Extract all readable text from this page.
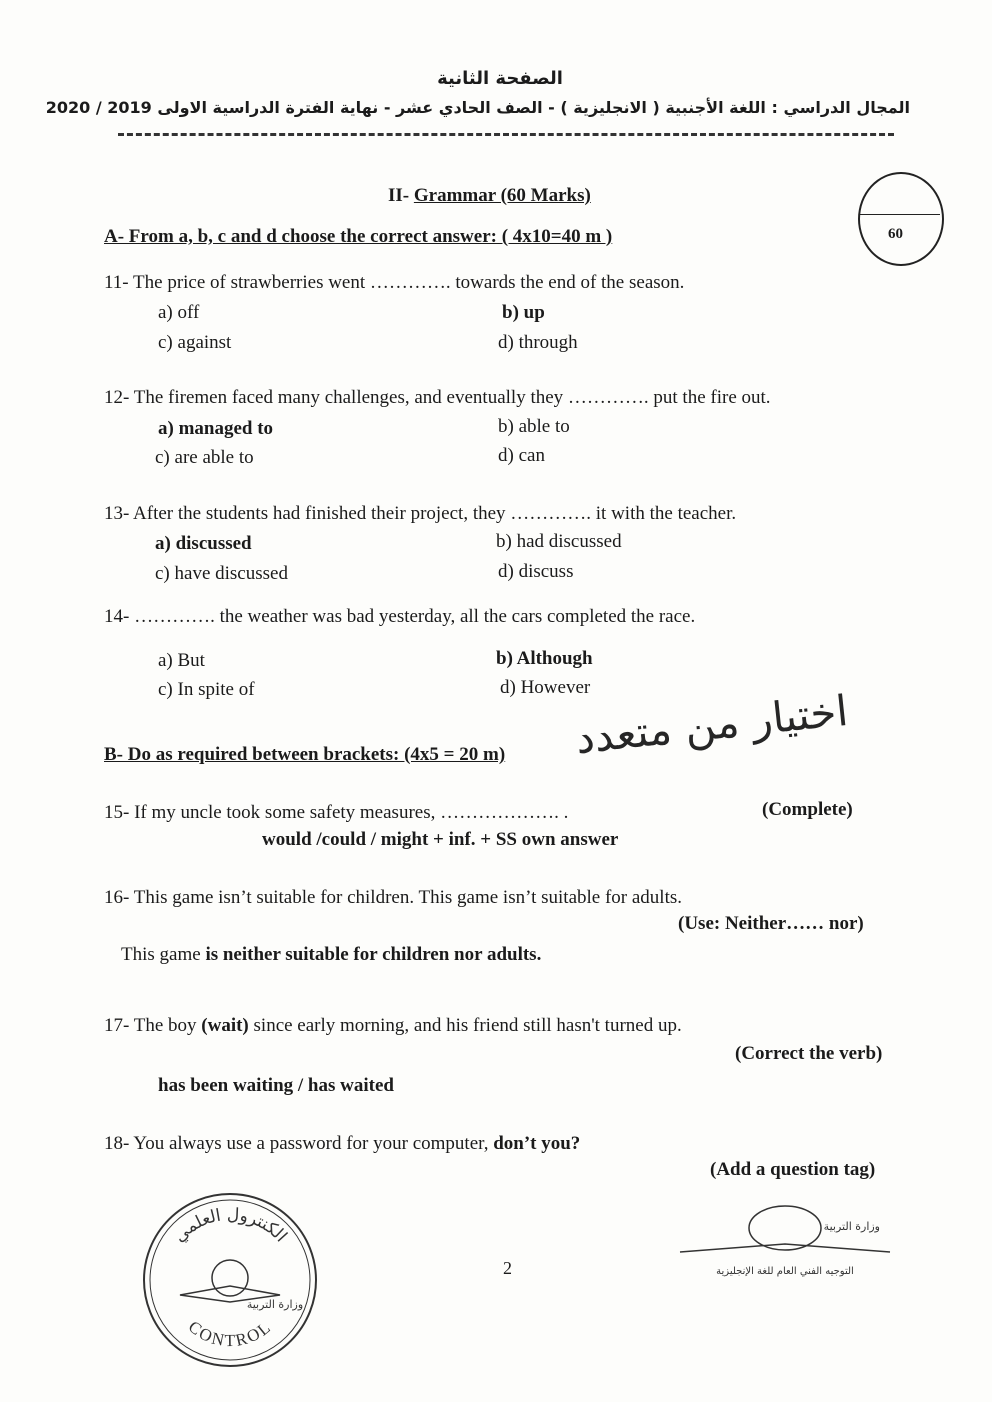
الصفحة الثانية
المجال الدراسي : اللغة الأجنبية ( الانجليزية ) - الصف الحادي عشر - نهاية الفترة الدراسية الاولى 2019 / 2020
II- Grammar (60 Marks)
60
A- From a, b, c and d choose the correct answer: ( 4x10=40 m )
11- The price of strawberries went …………. towards the end of the season.
a) off	b) up
c) against	d) through
12- The firemen faced many challenges, and eventually they …………. put the fire out.
a) managed to	b) able to
c) are able to	d) can
13- After the students had finished their project, they …………. it with the teacher.
a) discussed	b) had discussed
c) have discussed	d) discuss
14- …………. the weather was bad yesterday, all the cars completed the race.
a) But	b) Although
c) In spite of	d) However
اختيار من متعدد
B- Do as required between brackets: (4x5 = 20 m)
15- If my uncle took some safety measures, ………………. .	(Complete)
would /could / might + inf. + SS own answer
16- This game isn’t suitable for children. This game isn’t suitable for adults.
(Use: Neither…… nor)
This game is neither suitable for children nor adults.
17- The boy (wait) since early morning, and his friend still hasn't turned up.
(Correct the verb)
has been waiting / has waited
18- You always use a password for your computer, don’t you?
(Add a question tag)
2
الكنترول العلمي
وزارة التربية
CONTROL
وزارة التربية
التوجيه الفني العام للغة الإنجليزية
